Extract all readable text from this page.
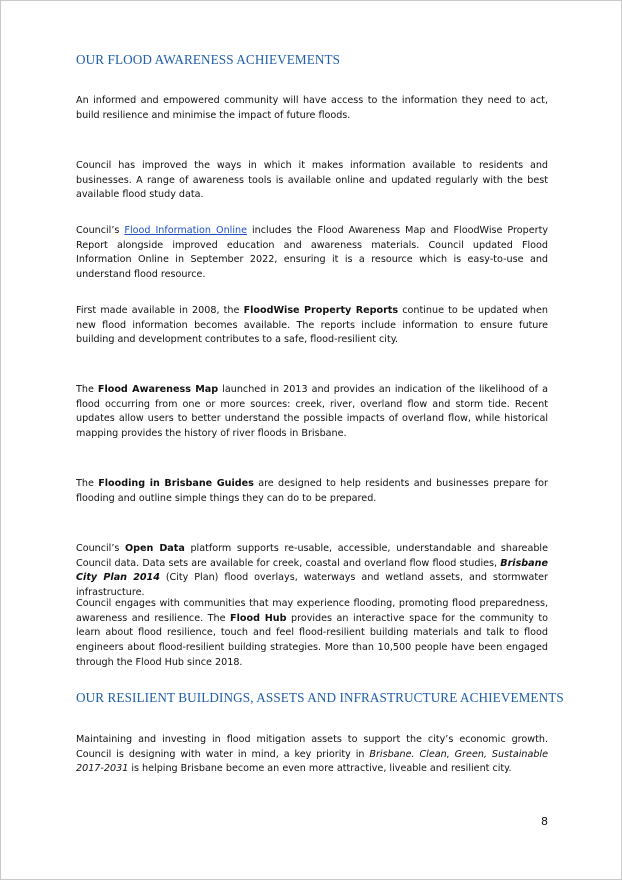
OUR FLOOD AWARENESS ACHIEVEMENTS

An informed and empowered community will have access to the information they need to act, build resilience and minimise the impact of future floods.

Council has improved the ways in which it makes information available to residents and businesses. A range of awareness tools is available online and updated regularly with the best available flood study data.

Council’s Flood Information Online includes the Flood Awareness Map and FloodWise Property Report alongside improved education and awareness materials. Council updated Flood Information Online in September 2022, ensuring it is a resource which is easy-to-use and understand flood resource.

First made available in 2008, the FloodWise Property Reports continue to be updated when new flood information becomes available. The reports include information to ensure future building and development contributes to a safe, flood-resilient city.

The Flood Awareness Map launched in 2013 and provides an indication of the likelihood of a flood occurring from one or more sources: creek, river, overland flow and storm tide. Recent updates allow users to better understand the possible impacts of overland flow, while historical mapping provides the history of river floods in Brisbane.

The Flooding in Brisbane Guides are designed to help residents and businesses prepare for flooding and outline simple things they can do to be prepared.

Council’s Open Data platform supports re-usable, accessible, understandable and shareable Council data. Data sets are available for creek, coastal and overland flow flood studies, Brisbane City Plan 2014 (City Plan) flood overlays, waterways and wetland assets, and stormwater infrastructure.

Council engages with communities that may experience flooding, promoting flood preparedness, awareness and resilience. The Flood Hub provides an interactive space for the community to learn about flood resilience, touch and feel flood-resilient building materials and talk to flood engineers about flood-resilient building strategies. More than 10,500 people have been engaged through the Flood Hub since 2018.

OUR RESILIENT BUILDINGS, ASSETS AND INFRASTRUCTURE ACHIEVEMENTS

Maintaining and investing in flood mitigation assets to support the city’s economic growth. Council is designing with water in mind, a key priority in Brisbane. Clean, Green, Sustainable 2017-2031 is helping Brisbane become an even more attractive, liveable and resilient city.

8
